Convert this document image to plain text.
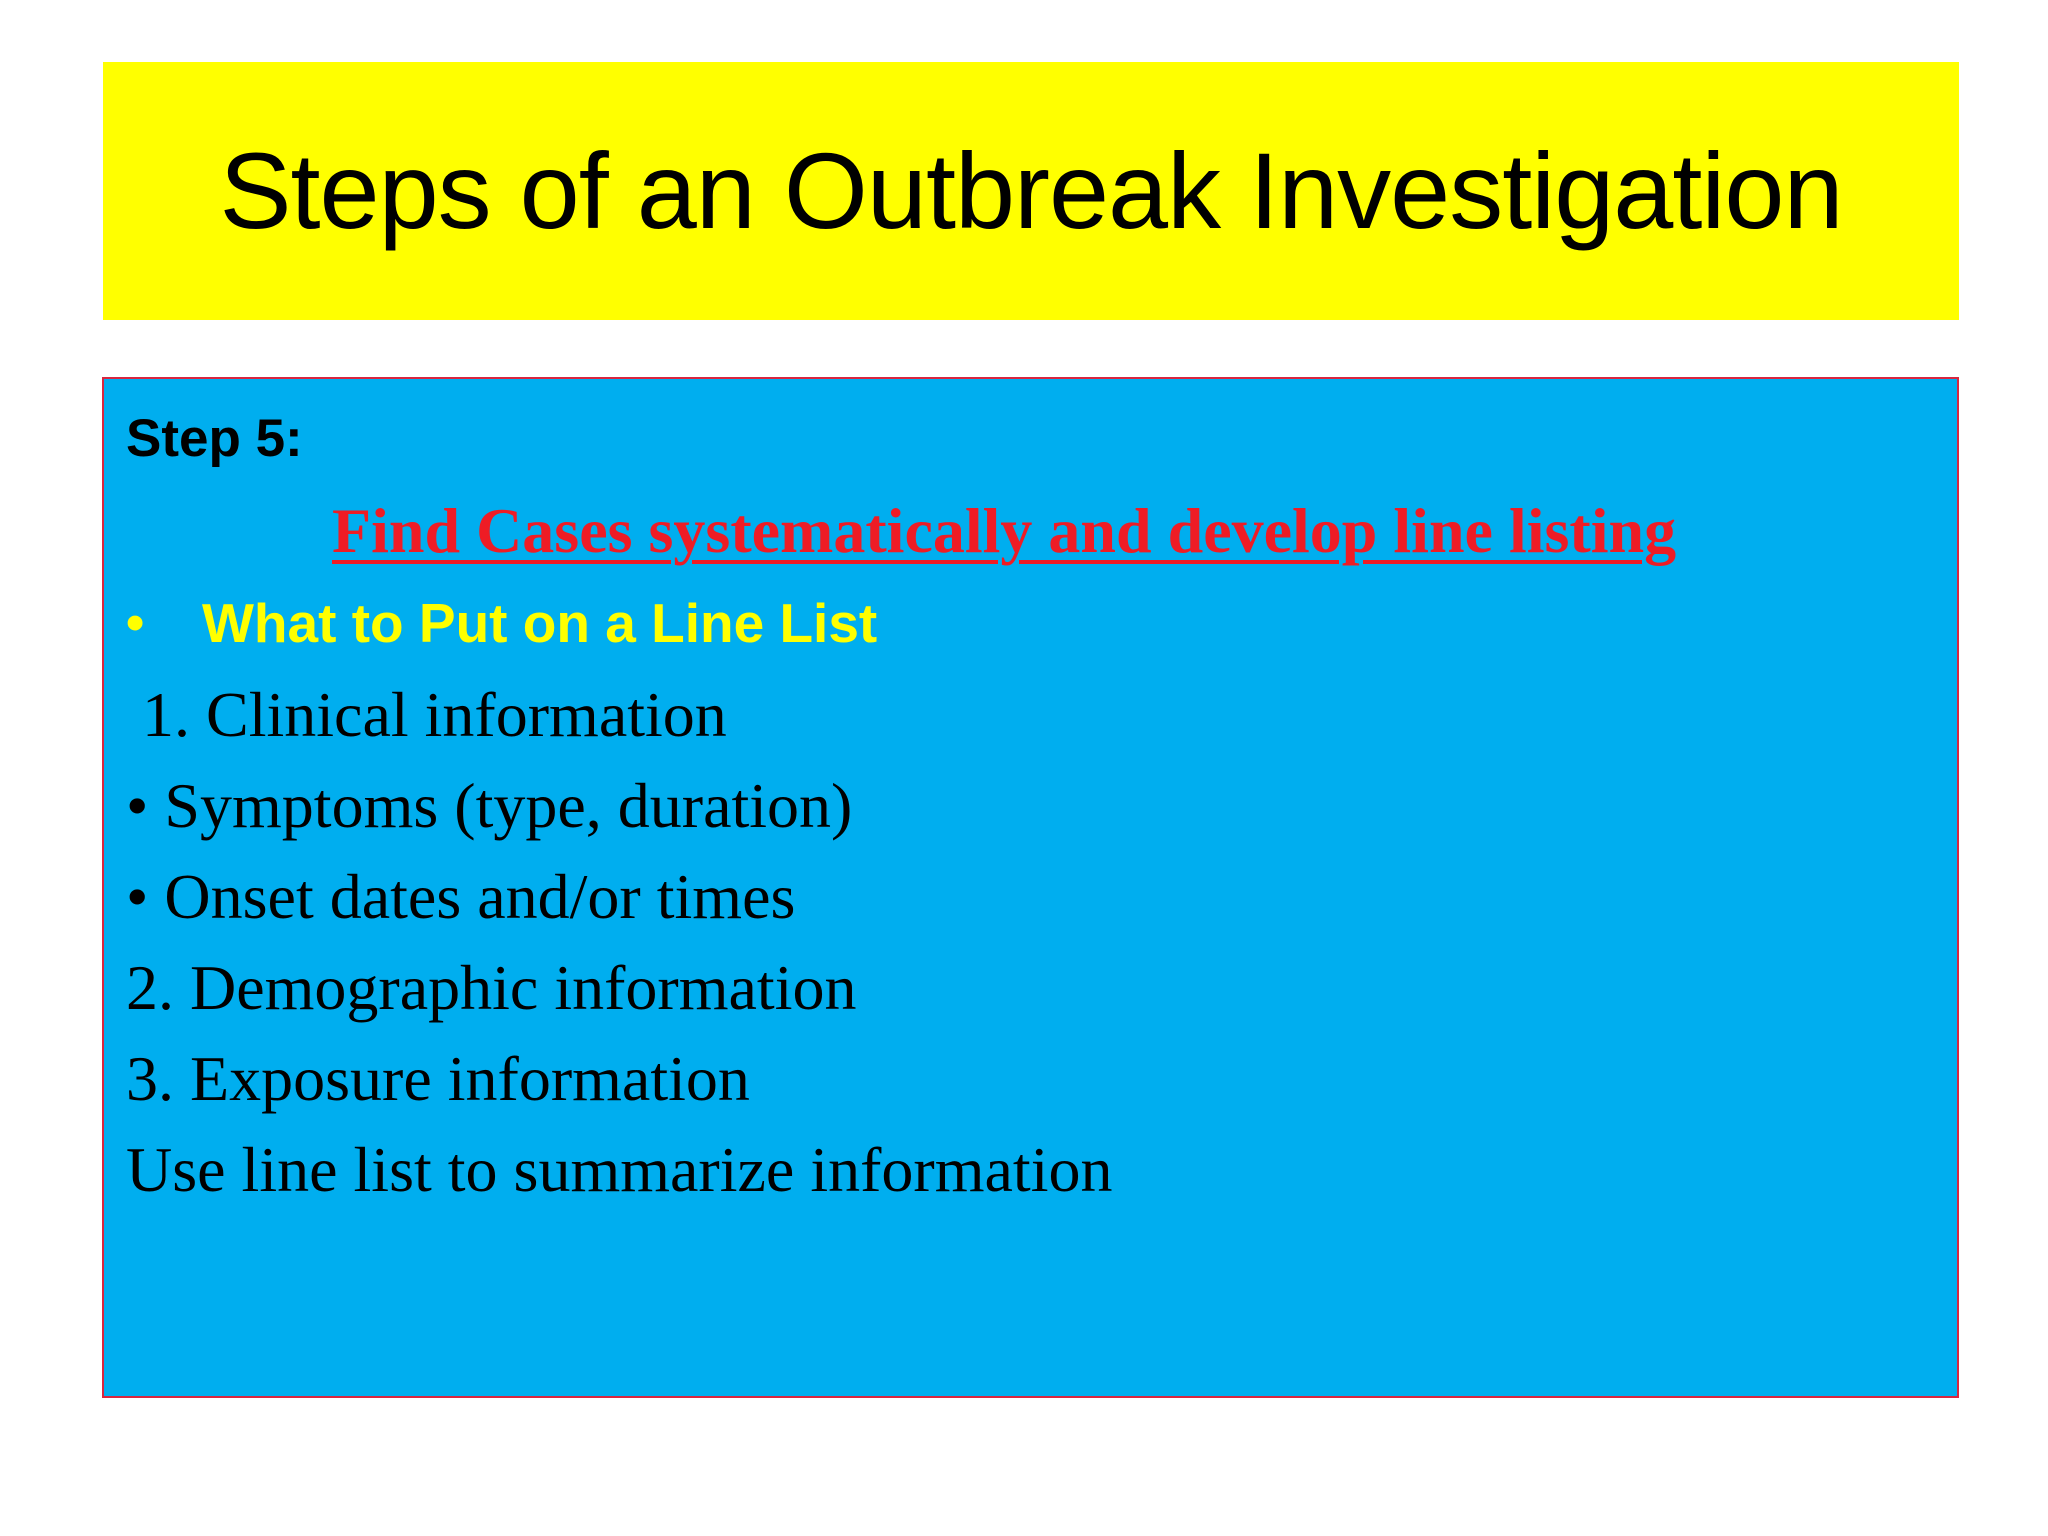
Steps of an Outbreak Investigation
Step 5:
Find Cases systematically and develop line listing
•	What to Put on a Line List
1. Clinical information
• Symptoms (type, duration)
• Onset dates and/or times
2. Demographic information
3. Exposure information
Use line list to summarize information
